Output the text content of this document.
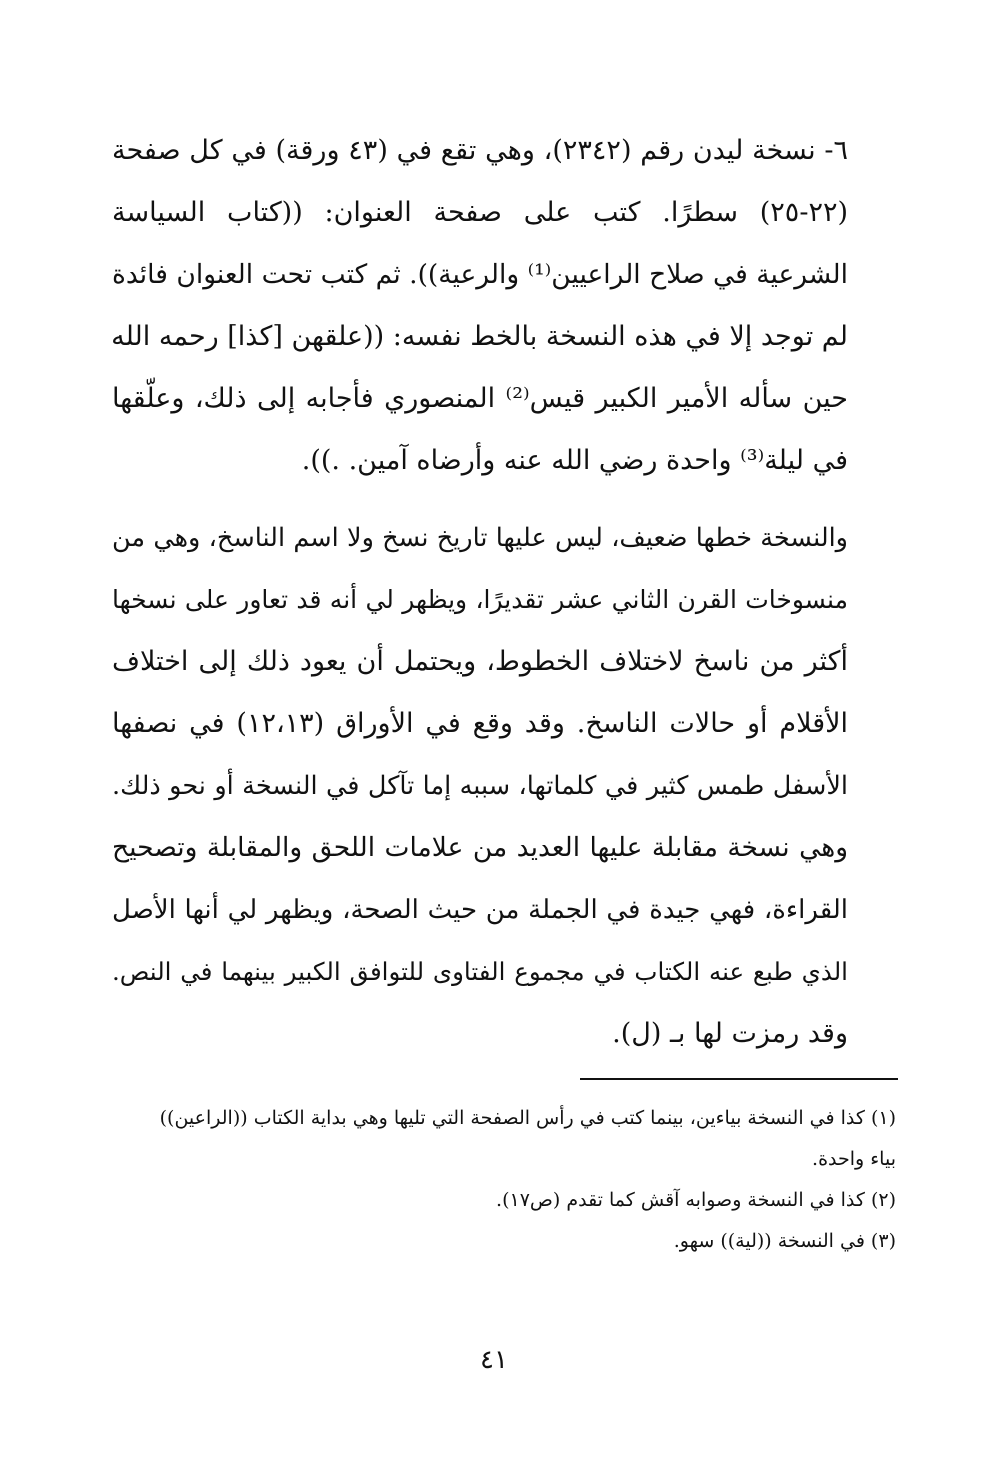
٦- نسخة ليدن رقم (٢٣٤٢)، وهي تقع في (٤٣ ورقة) في كل صفحة
(٢٢-٢٥) سطرًا. كتب على صفحة العنوان: ((كتاب السياسة
الشرعية في صلاح الراعيين⁽¹⁾ والرعية)). ثم كتب تحت العنوان فائدة
لم توجد إلا في هذه النسخة بالخط نفسه: ((علقهن [كذا] رحمه الله
حين سأله الأمير الكبير قيس⁽²⁾ المنصوري فأجابه إلى ذلك، وعلّقها
في ليلة⁽³⁾ واحدة رضي الله عنه وأرضاه آمين. .)).
والنسخة خطها ضعيف، ليس عليها تاريخ نسخ ولا اسم الناسخ، وهي من
منسوخات القرن الثاني عشر تقديرًا، ويظهر لي أنه قد تعاور على نسخها
أكثر من ناسخ لاختلاف الخطوط، ويحتمل أن يعود ذلك إلى اختلاف
الأقلام أو حالات الناسخ. وقد وقع في الأوراق (١٢،١٣) في نصفها
الأسفل طمس كثير في كلماتها، سببه إما تآكل في النسخة أو نحو ذلك.
وهي نسخة مقابلة عليها العديد من علامات اللحق والمقابلة وتصحيح
القراءة، فهي جيدة في الجملة من حيث الصحة، ويظهر لي أنها الأصل
الذي طبع عنه الكتاب في مجموع الفتاوى للتوافق الكبير بينهما في النص.
وقد رمزت لها بـ (ل).
(١) كذا في النسخة بياءين، بينما كتب في رأس الصفحة التي تليها وهي بداية الكتاب ((الراعين))
بياء واحدة.
(٢) كذا في النسخة وصوابه آقش كما تقدم (ص١٧).
(٣) في النسخة ((لية)) سهو.
٤١
